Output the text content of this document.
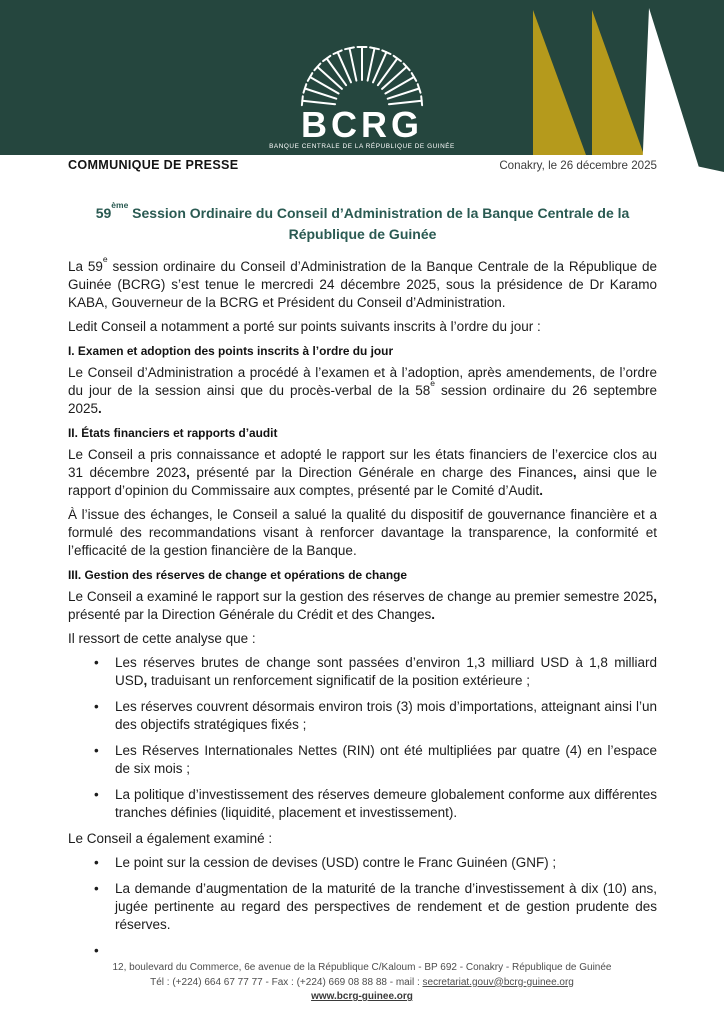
BCRG
BANQUE CENTRALE DE LA RÉPUBLIQUE DE GUINÉE
COMMUNIQUE DE PRESSE	Conakry, le 26 décembre 2025
59ème Session Ordinaire du Conseil d’Administration de la Banque Centrale de la République de Guinée

La 59e session ordinaire du Conseil d’Administration de la Banque Centrale de la République de Guinée (BCRG) s’est tenue le mercredi 24 décembre 2025, sous la présidence de Dr Karamo KABA, Gouverneur de la BCRG et Président du Conseil d’Administration.

Ledit Conseil a notamment a porté sur points suivants inscrits à l’ordre du jour :

I. Examen et adoption des points inscrits à l’ordre du jour

Le Conseil d’Administration a procédé à l’examen et à l’adoption, après amendements, de l’ordre du jour de la session ainsi que du procès-verbal de la 58e session ordinaire du 26 septembre 2025.

II. États financiers et rapports d’audit

Le Conseil a pris connaissance et adopté le rapport sur les états financiers de l’exercice clos au 31 décembre 2023, présenté par la Direction Générale en charge des Finances, ainsi que le rapport d’opinion du Commissaire aux comptes, présenté par le Comité d’Audit.

À l’issue des échanges, le Conseil a salué la qualité du dispositif de gouvernance financière et a formulé des recommandations visant à renforcer davantage la transparence, la conformité et l’efficacité de la gestion financière de la Banque.

III. Gestion des réserves de change et opérations de change

Le Conseil a examiné le rapport sur la gestion des réserves de change au premier semestre 2025, présenté par la Direction Générale du Crédit et des Changes.

Il ressort de cette analyse que :

• Les réserves brutes de change sont passées d’environ 1,3 milliard USD à 1,8 milliard USD, traduisant un renforcement significatif de la position extérieure ;
• Les réserves couvrent désormais environ trois (3) mois d’importations, atteignant ainsi l’un des objectifs stratégiques fixés ;
• Les Réserves Internationales Nettes (RIN) ont été multipliées par quatre (4) en l’espace de six mois ;
• La politique d’investissement des réserves demeure globalement conforme aux différentes tranches définies (liquidité, placement et investissement).

Le Conseil a également examiné :

• Le point sur la cession de devises (USD) contre le Franc Guinéen (GNF) ;
• La demande d’augmentation de la maturité de la tranche d’investissement à dix (10) ans, jugée pertinente au regard des perspectives de rendement et de gestion prudente des réserves.
•
12, boulevard du Commerce, 6e avenue de la République C/Kaloum - BP 692 - Conakry - République de Guinée
Tél : (+224) 664 67 77 77 - Fax : (+224) 669 08 88 88 - mail : secretariat.gouv@bcrg-guinee.org
www.bcrg-guinee.org
